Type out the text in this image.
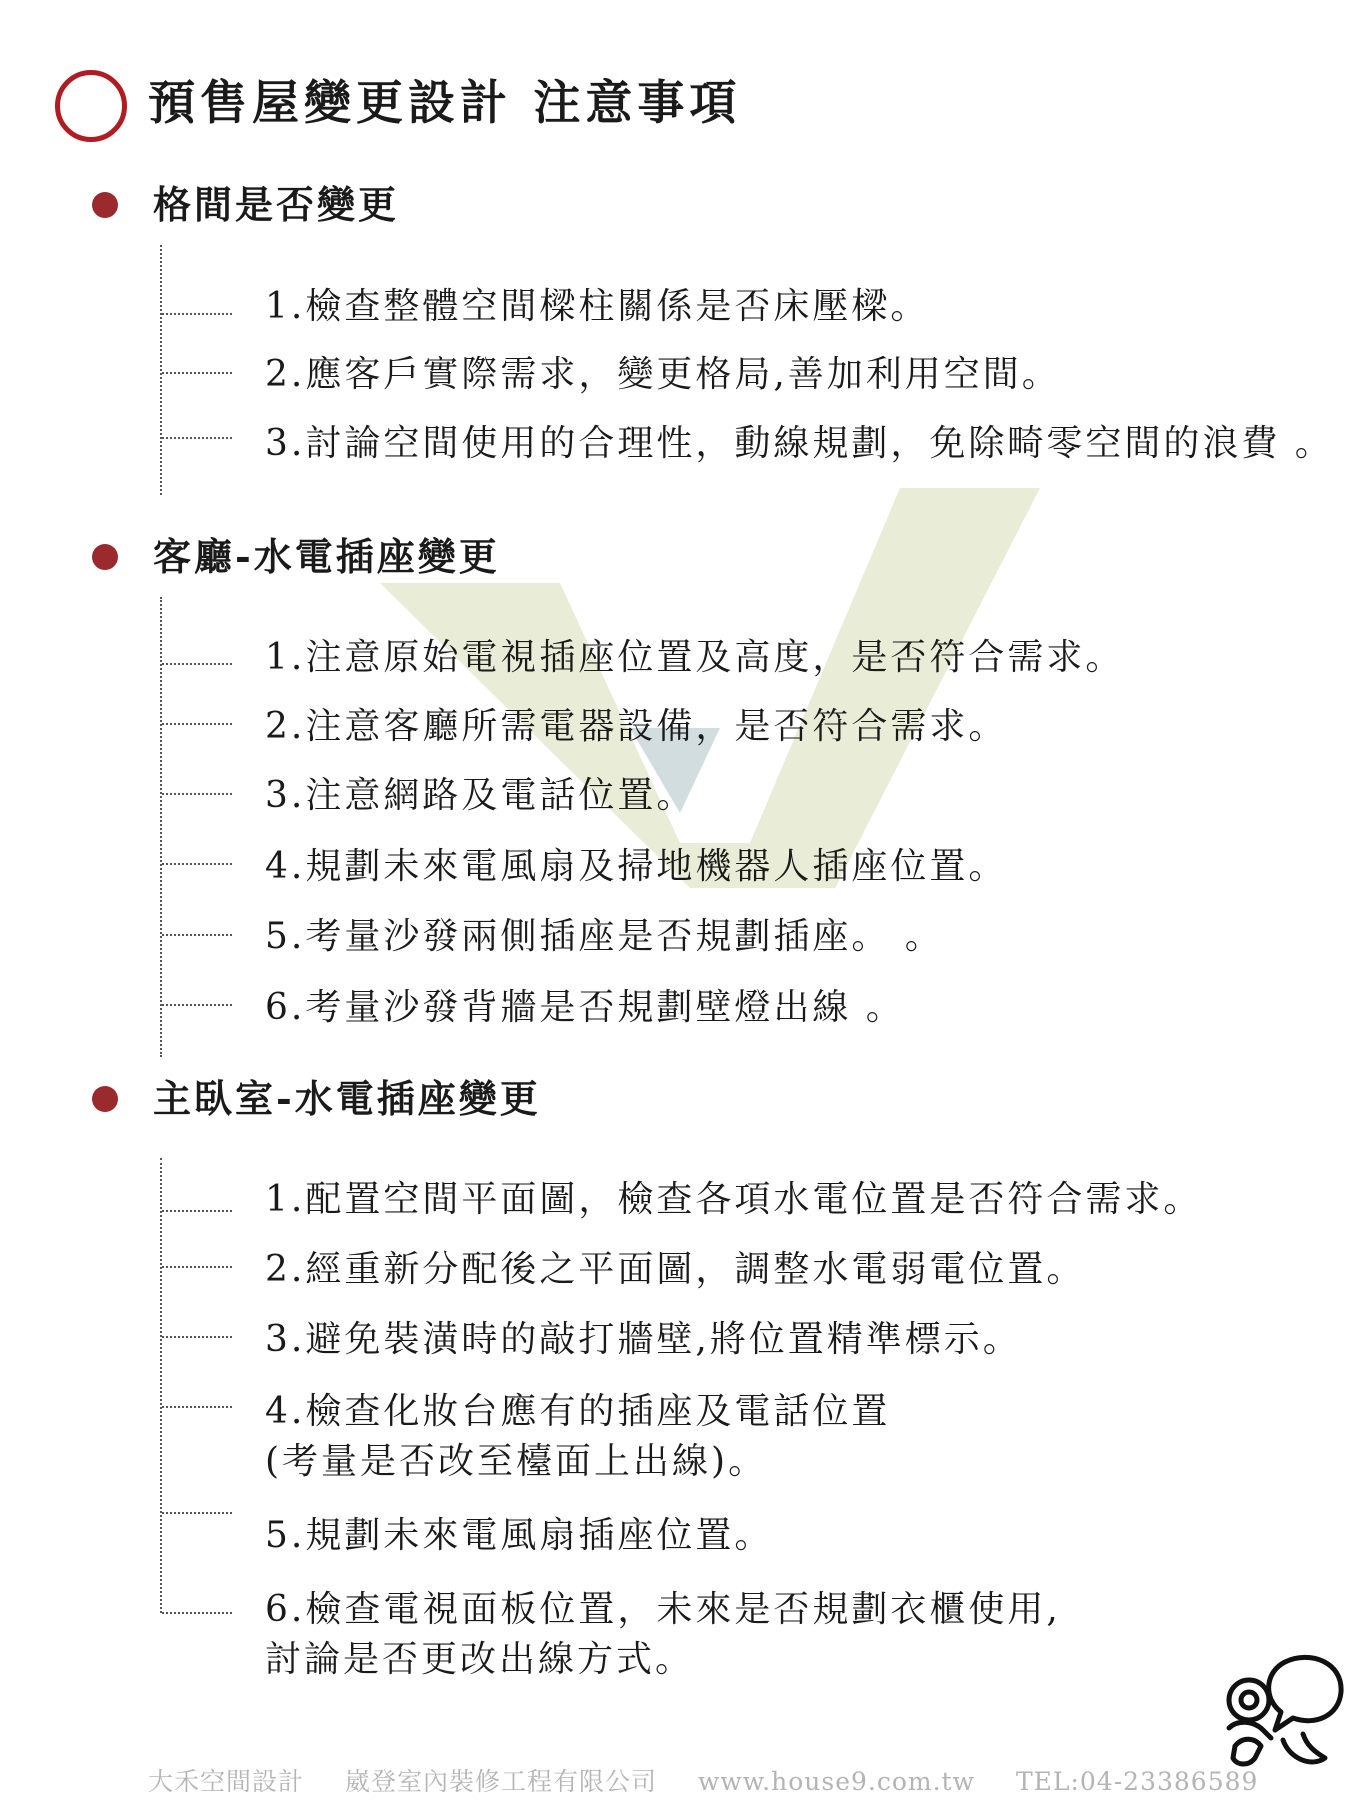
預售屋變更設計 注意事項
格間是否變更
1.檢查整體空間樑柱關係是否床壓樑。
2.應客戶實際需求，變更格局,善加利用空間。
3.討論空間使用的合理性，動線規劃，免除畸零空間的浪費 。
客廳-水電插座變更
1.注意原始電視插座位置及高度，是否符合需求。
2.注意客廳所需電器設備，是否符合需求。
3.注意網路及電話位置。
4.規劃未來電風扇及掃地機器人插座位置。
5.考量沙發兩側插座是否規劃插座。 。
6.考量沙發背牆是否規劃壁燈出線 。
主臥室-水電插座變更
1.配置空間平面圖，檢查各項水電位置是否符合需求。
2.經重新分配後之平面圖，調整水電弱電位置。
3.避免裝潢時的敲打牆壁,將位置精準標示。
4.檢查化妝台應有的插座及電話位置
(考量是否改至檯面上出線)。
5.規劃未來電風扇插座位置。
6.檢查電視面板位置，未來是否規劃衣櫃使用,
討論是否更改出線方式。
大禾空間設計 崴登室內裝修工程有限公司 www.house9.com.tw TEL:04-23386589
